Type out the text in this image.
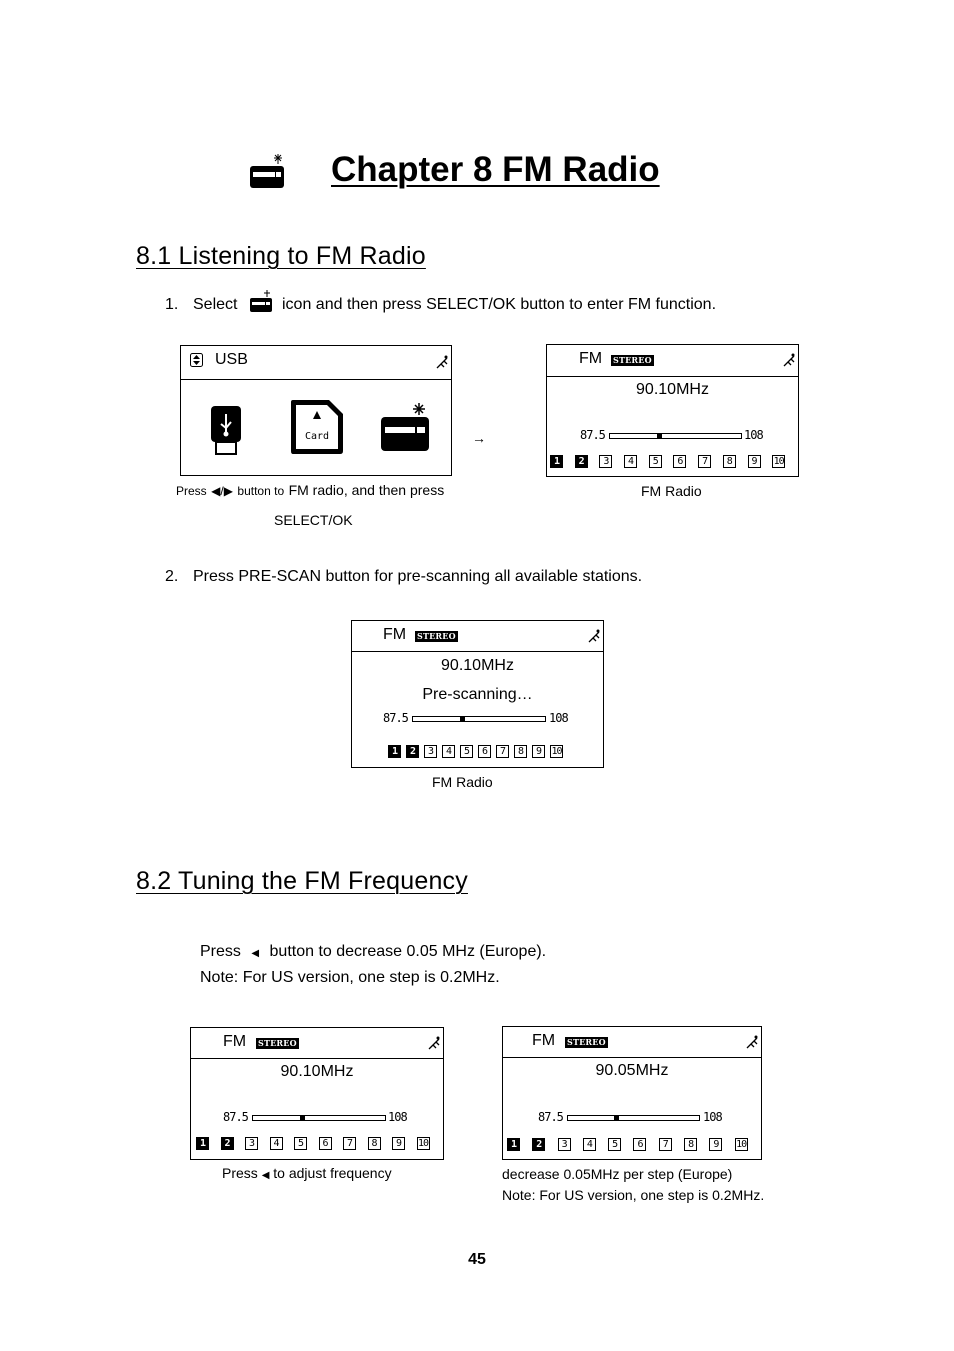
Chapter 8 FM Radio
8.1 Listening to FM Radio
1. Select	icon and then press SELECT/OK button to enter FM function.
USB
Card	→
FM STEREO
90.10MHz
87.5	108
1	2	3	4	5	6	7	8	9	10
FM Radio
Press ◀/▶ button to FM radio, and then press
SELECT/OK
2. Press PRE-SCAN button for pre-scanning all available stations.
FM STEREO
90.10MHz
Pre-scanning…
87.5	108
1	2	3	4	5	6	7	8	9	10
FM Radio
8.2 Tuning the FM Frequency
Press ◀ button to decrease 0.05 MHz (Europe).
Note: For US version, one step is 0.2MHz.
FM STEREO
90.10MHz
87.5	108
1	2	3	4	5	6	7	8	9	10
Press ◀ to adjust frequency
FM STEREO
90.05MHz
87.5	108
1	2	3	4	5	6	7	8	9	10
decrease 0.05MHz per step (Europe)
Note: For US version, one step is 0.2MHz.
45
